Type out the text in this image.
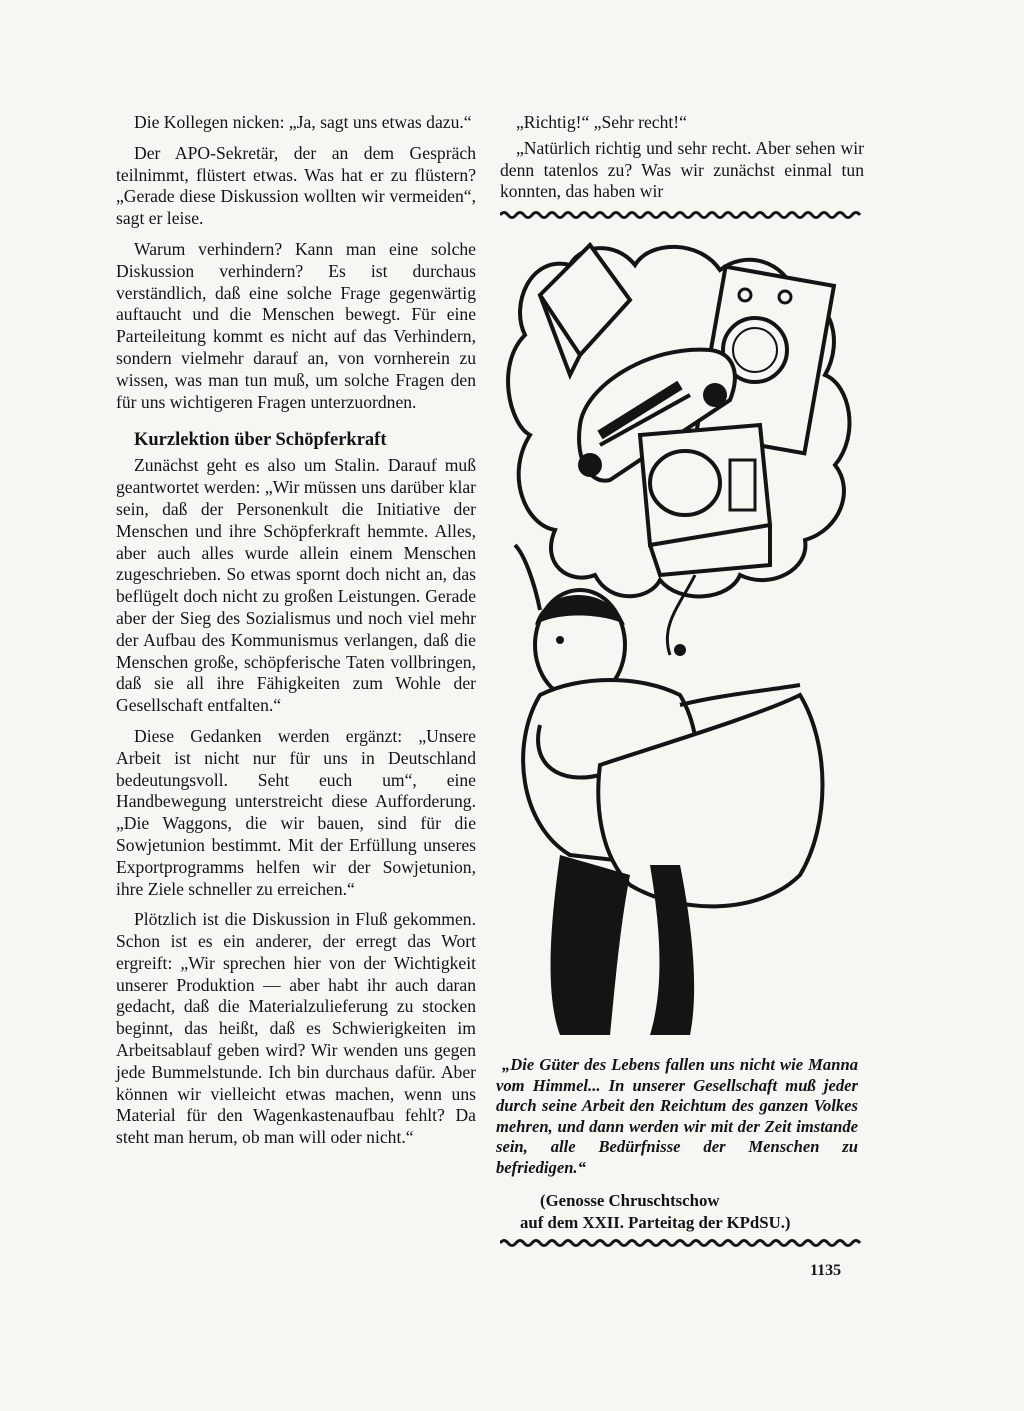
Die Kollegen nicken: „Ja, sagt uns etwas dazu.“

Der APO-Sekretär, der an dem Gespräch teilnimmt, flüstert etwas. Was hat er zu flüstern? „Gerade diese Diskussion wollten wir vermeiden“, sagt er leise.

Warum verhindern? Kann man eine solche Diskussion verhindern? Es ist durchaus verständlich, daß eine solche Frage gegenwärtig auftaucht und die Menschen bewegt. Für eine Parteileitung kommt es nicht auf das Verhindern, sondern vielmehr darauf an, von vornherein zu wissen, was man tun muß, um solche Fragen den für uns wichtigeren Fragen unterzuordnen.

Kurzlektion über Schöpferkraft

Zunächst geht es also um Stalin. Darauf muß geantwortet werden: „Wir müssen uns darüber klar sein, daß der Personenkult die Initiative der Menschen und ihre Schöpferkraft hemmte. Alles, aber auch alles wurde allein einem Menschen zugeschrieben. So etwas spornt doch nicht an, das beflügelt doch nicht zu großen Leistungen. Gerade aber der Sieg des Sozialismus und noch viel mehr der Aufbau des Kommunismus verlangen, daß die Menschen große, schöpferische Taten vollbringen, daß sie all ihre Fähigkeiten zum Wohle der Gesellschaft entfalten.“

Diese Gedanken werden ergänzt: „Unsere Arbeit ist nicht nur für uns in Deutschland bedeutungsvoll. Seht euch um“, eine Handbewegung unterstreicht diese Aufforderung. „Die Waggons, die wir bauen, sind für die Sowjetunion bestimmt. Mit der Erfüllung unseres Exportprogramms helfen wir der Sowjetunion, ihre Ziele schneller zu erreichen.“

Plötzlich ist die Diskussion in Fluß gekommen. Schon ist es ein anderer, der erregt das Wort ergreift: „Wir sprechen hier von der Wichtigkeit unserer Produktion — aber habt ihr auch daran gedacht, daß die Materialzulieferung zu stocken beginnt, das heißt, daß es Schwierigkeiten im Arbeitsablauf geben wird? Wir wenden uns gegen jede Bummelstunde. Ich bin durchaus dafür. Aber können wir vielleicht etwas machen, wenn uns Material für den Wagenkastenaufbau fehlt? Da steht man herum, ob man will oder nicht.“

„Richtig!“ „Sehr recht!“

„Natürlich richtig und sehr recht. Aber sehen wir denn tatenlos zu? Was wir zunächst einmal tun konnten, das haben wir

„Die Güter des Lebens fallen uns nicht wie Manna vom Himmel... In unserer Gesellschaft muß jeder durch seine Arbeit den Reichtum des ganzen Volkes mehren, und dann werden wir mit der Zeit imstande sein, alle Bedürfnisse der Menschen zu befriedigen.“

(Genosse Chruschtschow
auf dem XXII. Parteitag der KPdSU.)
1135
